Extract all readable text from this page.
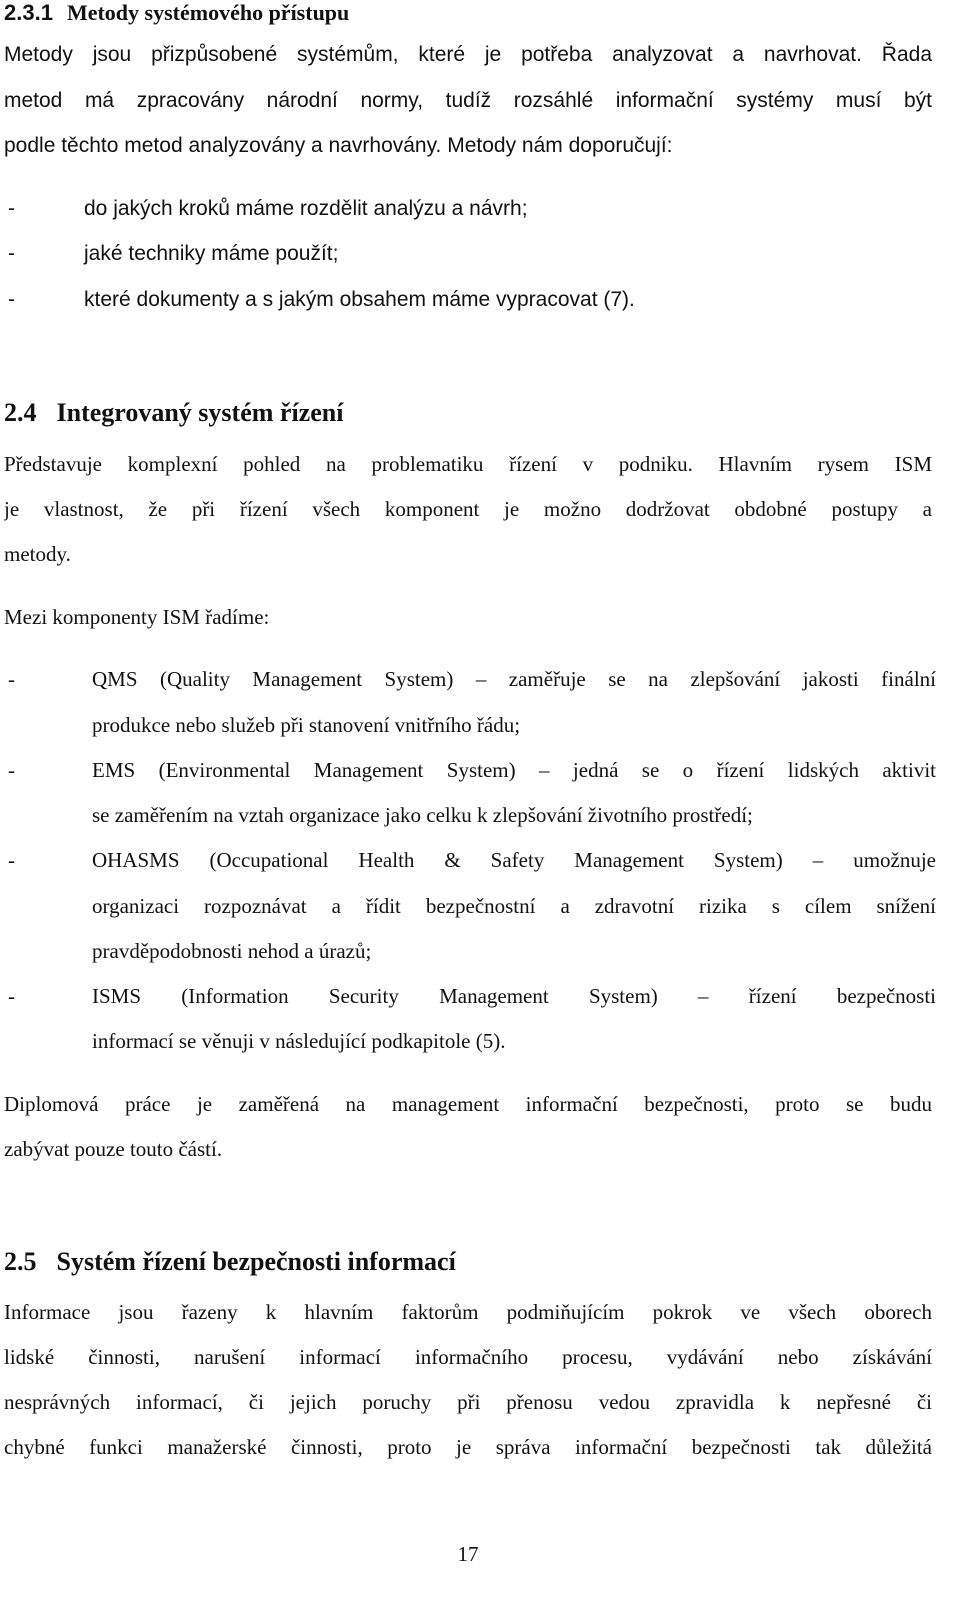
2.3.1 Metody systémového přístupu
Metody jsou přizpůsobené systémům, které je potřeba analyzovat a navrhovat. Řada
metod má zpracovány národní normy, tudíž rozsáhlé informační systémy musí být
podle těchto metod analyzovány a navrhovány. Metody nám doporučují:
-	do jakých kroků máme rozdělit analýzu a návrh;
-	jaké techniky máme použít;
-	které dokumenty a s jakým obsahem máme vypracovat (7).
2.4 Integrovaný systém řízení
Představuje komplexní pohled na problematiku řízení v podniku. Hlavním rysem ISM
je vlastnost, že při řízení všech komponent je možno dodržovat obdobné postupy a
metody.
Mezi komponenty ISM řadíme:
-	QMS (Quality Management System) – zaměřuje se na zlepšování jakosti finální
produkce nebo služeb při stanovení vnitřního řádu;
-	EMS (Environmental Management System) – jedná se o řízení lidských aktivit
se zaměřením na vztah organizace jako celku k zlepšování životního prostředí;
-	OHASMS (Occupational Health & Safety Management System) – umožnuje
organizaci rozpoznávat a řídit bezpečnostní a zdravotní rizika s cílem snížení
pravděpodobnosti nehod a úrazů;
-	ISMS (Information Security Management System) – řízení bezpečnosti
informací se věnuji v následující podkapitole (5).
Diplomová práce je zaměřená na management informační bezpečnosti, proto se budu
zabývat pouze touto částí.
2.5 Systém řízení bezpečnosti informací
Informace jsou řazeny k hlavním faktorům podmiňujícím pokrok ve všech oborech
lidské činnosti, narušení informací informačního procesu, vydávání nebo získávání
nesprávných informací, či jejich poruchy při přenosu vedou zpravidla k nepřesné či
chybné funkci manažerské činnosti, proto je správa informační bezpečnosti tak důležitá
17
